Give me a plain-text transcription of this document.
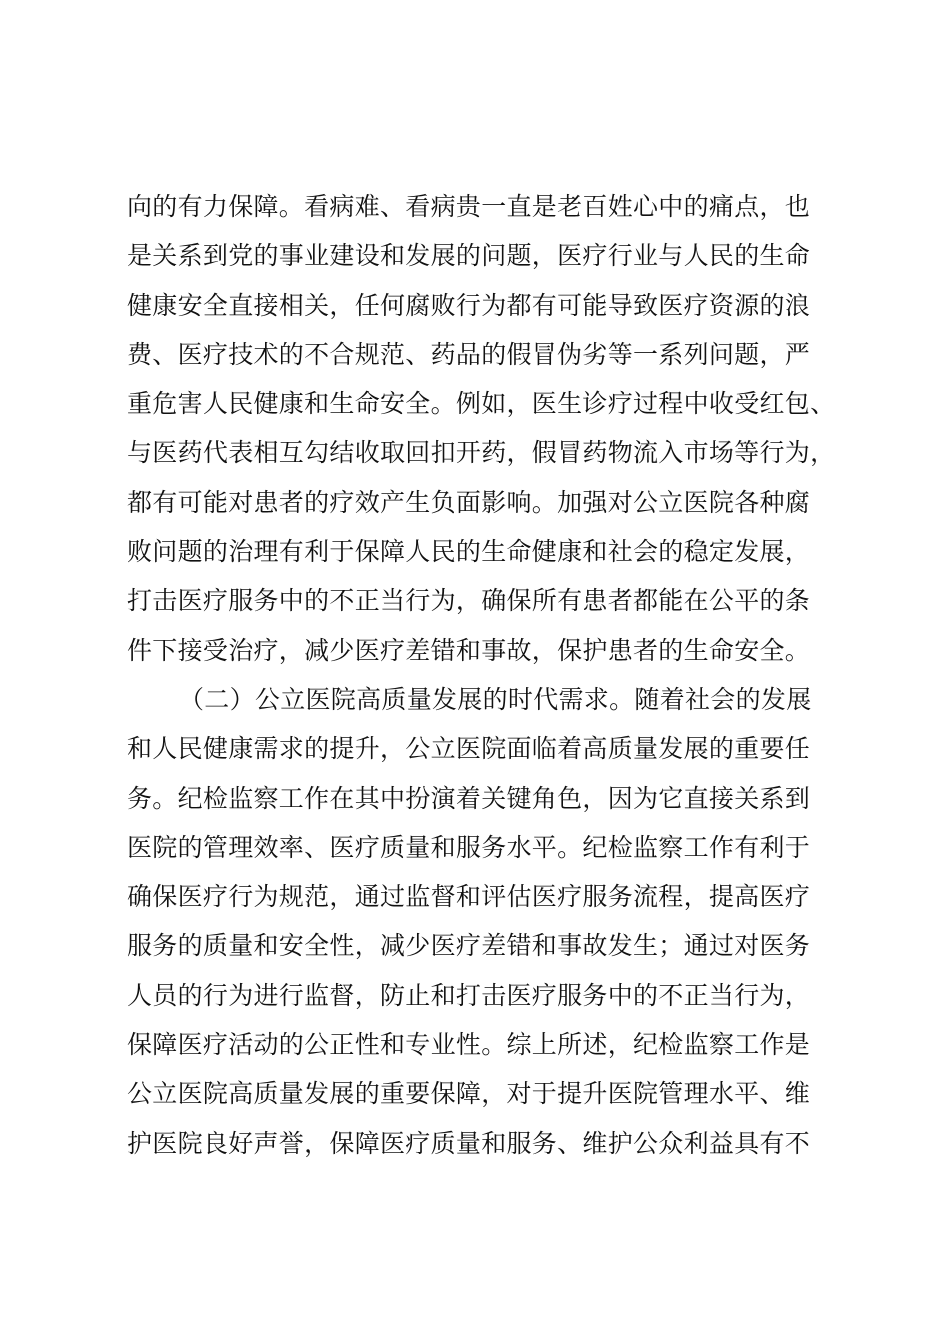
向的有力保障。看病难、看病贵一直是老百姓心中的痛点，也
是关系到党的事业建设和发展的问题，医疗行业与人民的生命
健康安全直接相关，任何腐败行为都有可能导致医疗资源的浪
费、医疗技术的不合规范、药品的假冒伪劣等一系列问题，严
重危害人民健康和生命安全。例如，医生诊疗过程中收受红包、
与医药代表相互勾结收取回扣开药，假冒药物流入市场等行为，
都有可能对患者的疗效产生负面影响。加强对公立医院各种腐
败问题的治理有利于保障人民的生命健康和社会的稳定发展，
打击医疗服务中的不正当行为，确保所有患者都能在公平的条
件下接受治疗，减少医疗差错和事故，保护患者的生命安全。
（二）公立医院高质量发展的时代需求。随着社会的发展
和人民健康需求的提升，公立医院面临着高质量发展的重要任
务。纪检监察工作在其中扮演着关键角色，因为它直接关系到
医院的管理效率、医疗质量和服务水平。纪检监察工作有利于
确保医疗行为规范，通过监督和评估医疗服务流程，提高医疗
服务的质量和安全性，减少医疗差错和事故发生；通过对医务
人员的行为进行监督，防止和打击医疗服务中的不正当行为，
保障医疗活动的公正性和专业性。综上所述，纪检监察工作是
公立医院高质量发展的重要保障，对于提升医院管理水平、维
护医院良好声誉，保障医疗质量和服务、维护公众利益具有不
